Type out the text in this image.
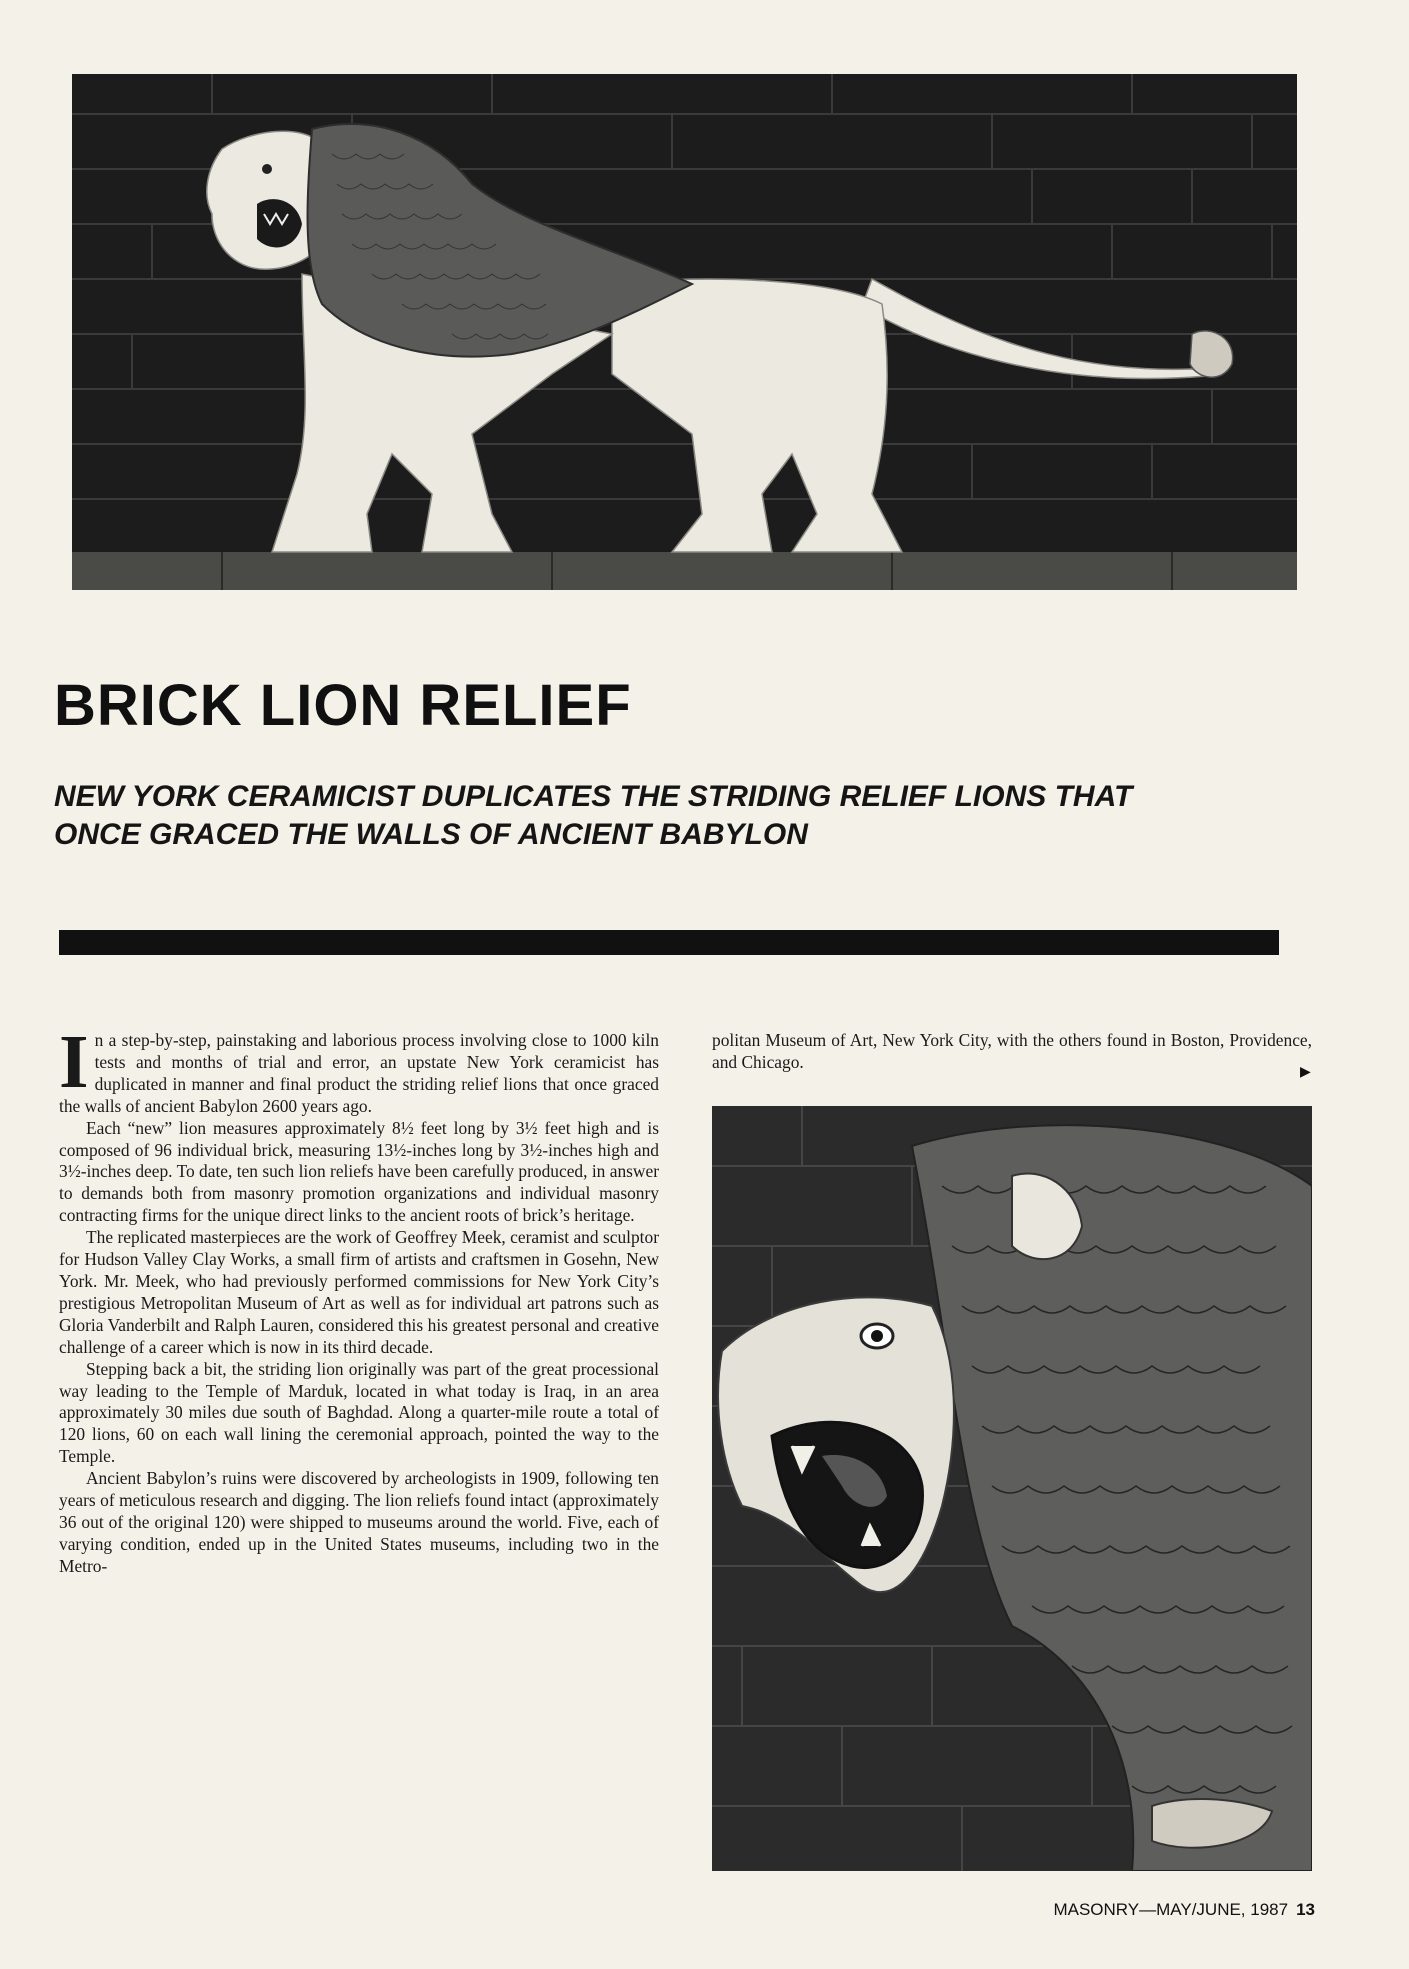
BRICK LION RELIEF
NEW YORK CERAMICIST DUPLICATES THE STRIDING RELIEF LIONS THAT ONCE GRACED THE WALLS OF ANCIENT BABYLON

In a step-by-step, painstaking and laborious process involving close to 1000 kiln tests and months of trial and error, an upstate New York ceramicist has duplicated in manner and final product the striding relief lions that once graced the walls of ancient Babylon 2600 years ago.

Each “new” lion measures approximately 8½ feet long by 3½ feet high and is composed of 96 individual brick, measuring 13½-inches long by 3½-inches high and 3½-inches deep. To date, ten such lion reliefs have been carefully produced, in answer to demands both from masonry promotion organizations and individual masonry contracting firms for the unique direct links to the ancient roots of brick’s heritage.

The replicated masterpieces are the work of Geoffrey Meek, ceramist and sculptor for Hudson Valley Clay Works, a small firm of artists and craftsmen in Gosehn, New York. Mr. Meek, who had previously performed commissions for New York City’s prestigious Metropolitan Museum of Art as well as for individual art patrons such as Gloria Vanderbilt and Ralph Lauren, considered this his greatest personal and creative challenge of a career which is now in its third decade.

Stepping back a bit, the striding lion originally was part of the great processional way leading to the Temple of Marduk, located in what today is Iraq, in an area approximately 30 miles due south of Baghdad. Along a quarter-mile route a total of 120 lions, 60 on each wall lining the ceremonial approach, pointed the way to the Temple.

Ancient Babylon’s ruins were discovered by archeologists in 1909, following ten years of meticulous research and digging. The lion reliefs found intact (approximately 36 out of the original 120) were shipped to museums around the world. Five, each of varying condition, ended up in the United States museums, including two in the Metro-

politan Museum of Art, New York City, with the others found in Boston, Providence, and Chicago.

▶
MASONRY—MAY/JUNE, 1987 13
